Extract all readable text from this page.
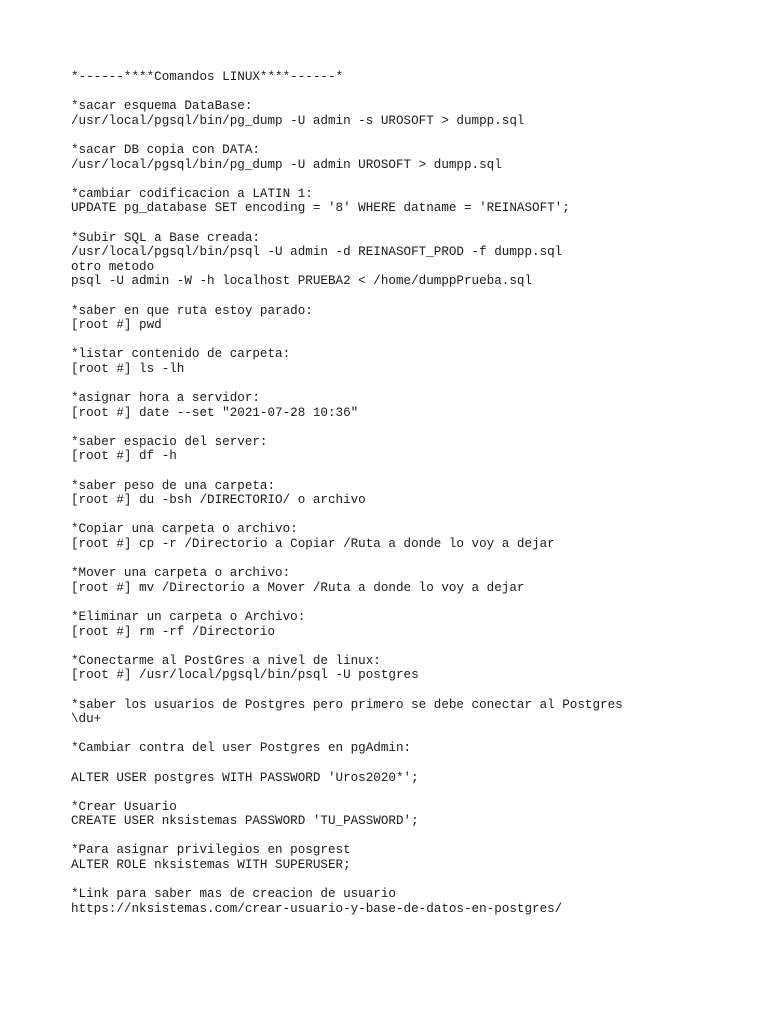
*------****Comandos LINUX****------*
*sacar esquema DataBase:
/usr/local/pgsql/bin/pg_dump -U admin -s UROSOFT > dumpp.sql
*sacar DB copia con DATA:
/usr/local/pgsql/bin/pg_dump -U admin UROSOFT > dumpp.sql
*cambiar codificacion a LATIN 1:
UPDATE pg_database SET encoding = '8' WHERE datname = 'REINASOFT';
*Subir SQL a Base creada:
/usr/local/pgsql/bin/psql -U admin -d REINASOFT_PROD -f dumpp.sql
otro metodo
psql -U admin -W -h localhost PRUEBA2 < /home/dumppPrueba.sql
*saber en que ruta estoy parado:
[root #] pwd
*listar contenido de carpeta:
[root #] ls -lh
*asignar hora a servidor:
[root #] date --set "2021-07-28 10:36"
*saber espacio del server:
[root #] df -h
*saber peso de una carpeta:
[root #] du -bsh /DIRECTORIO/ o archivo
*Copiar una carpeta o archivo:
[root #] cp -r /Directorio a Copiar /Ruta a donde lo voy a dejar
*Mover una carpeta o archivo:
[root #] mv /Directorio a Mover /Ruta a donde lo voy a dejar
*Eliminar un carpeta o Archivo:
[root #] rm -rf /Directorio
*Conectarme al PostGres a nivel de linux:
[root #] /usr/local/pgsql/bin/psql -U postgres
*saber los usuarios de Postgres pero primero se debe conectar al Postgres
\du+
*Cambiar contra del user Postgres en pgAdmin:
ALTER USER postgres WITH PASSWORD 'Uros2020*';
*Crear Usuario
CREATE USER nksistemas PASSWORD 'TU_PASSWORD';
*Para asignar privilegios en posgrest
ALTER ROLE nksistemas WITH SUPERUSER;
*Link para saber mas de creacion de usuario
https://nksistemas.com/crear-usuario-y-base-de-datos-en-postgres/
